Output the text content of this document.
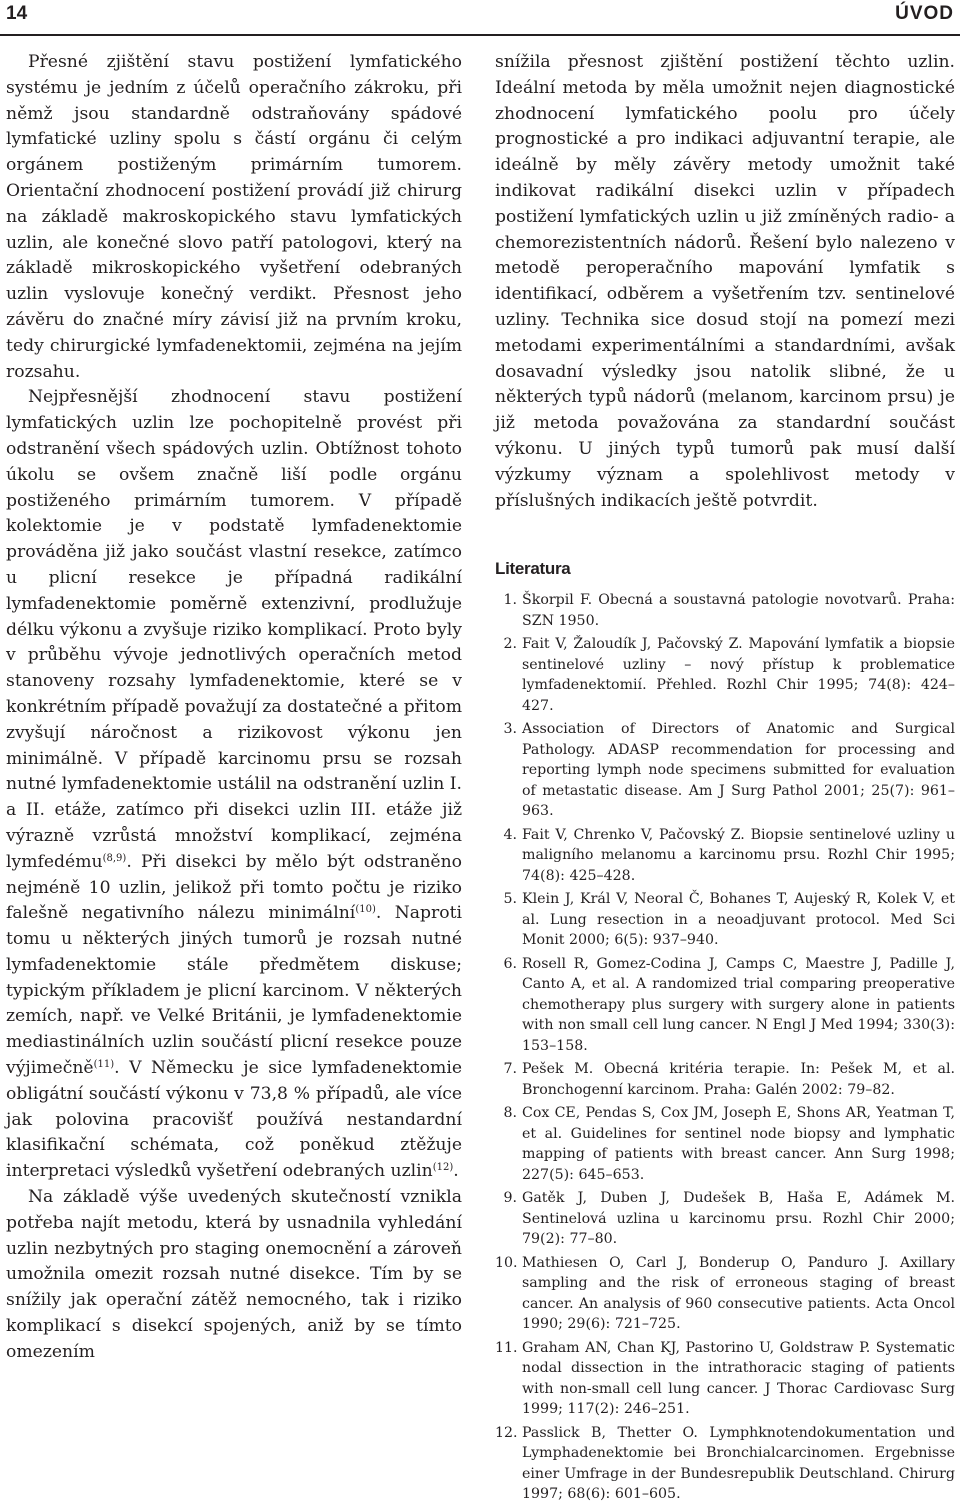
14	ÚVOD

Přesné zjištění stavu postižení lymfatického systému je jedním z účelů operačního zákroku, při němž jsou standardně odstraňovány spádové lymfatické uzliny spolu s částí orgánu či celým orgánem postiženým primárním tumorem. Orientační zhodnocení postižení provádí již chirurg na základě makroskopického stavu lymfatických uzlin, ale konečné slovo patří patologovi, který na základě mikroskopického vyšetření odebraných uzlin vyslovuje konečný verdikt. Přesnost jeho závěru do značné míry závisí již na prvním kroku, tedy chirurgické lymfadenektomii, zejména na jejím rozsahu.

Nejpřesnější zhodnocení stavu postižení lymfatických uzlin lze pochopitelně provést při odstranění všech spádových uzlin. Obtížnost tohoto úkolu se ovšem značně liší podle orgánu postiženého primárním tumorem. V případě kolektomie je v podstatě lymfadenektomie prováděna již jako součást vlastní resekce, zatímco u plicní resekce je případná radikální lymfadenektomie poměrně extenzivní, prodlužuje délku výkonu a zvyšuje riziko komplikací. Proto byly v průběhu vývoje jednotlivých operačních metod stanoveny rozsahy lymfadenektomie, které se v konkrétním případě považují za dostatečné a přitom zvyšují náročnost a rizikovost výkonu jen minimálně. V případě karcinomu prsu se rozsah nutné lymfadenektomie ustálil na odstranění uzlin I. a II. etáže, zatímco při disekci uzlin III. etáže již výrazně vzrůstá množství komplikací, zejména lymfedému$^{(8,9)}$. Při disekci by mělo být odstraněno nejméně 10 uzlin, jelikož při tomto počtu je riziko falešně negativního nálezu minimální$^{(10)}$. Naproti tomu u některých jiných tumorů je rozsah nutné lymfadenektomie stále předmětem diskuse; typickým příkladem je plicní karcinom. V některých zemích, např. ve Velké Británii, je lymfadenektomie mediastinálních uzlin součástí plicní resekce pouze výjimečně$^{(11)}$. V Německu je sice lymfadenektomie obligátní součástí výkonu v 73,8 % případů, ale více jak polovina pracovišť používá nestandardní klasifikační schémata, což poněkud ztěžuje interpretaci výsledků vyšetření odebraných uzlin$^{(12)}$.

Na základě výše uvedených skutečností vznikla potřeba najít metodu, která by usnadnila vyhledání uzlin nezbytných pro staging onemocnění a zároveň umožnila omezit rozsah nutné disekce. Tím by se snížily jak operační zátěž nemocného, tak i riziko komplikací s disekcí spojených, aniž by se tímto omezením

snížila přesnost zjištění postižení těchto uzlin. Ideální metoda by měla umožnit nejen diagnostické zhodnocení lymfatického poolu pro účely prognostické a pro indikaci adjuvantní terapie, ale ideálně by měly závěry metody umožnit také indikovat radikální disekci uzlin v případech postižení lymfatických uzlin u již zmíněných radio- a chemorezistentních nádorů. Řešení bylo nalezeno v metodě peroperačního mapování lymfatik s identifikací, odběrem a vyšetřením tzv. sentinelové uzliny. Technika sice dosud stojí na pomezí mezi metodami experimentálními a standardními, avšak dosavadní výsledky jsou natolik slibné, že u některých typů nádorů (melanom, karcinom prsu) je již metoda považována za standardní součást výkonu. U jiných typů tumorů pak musí další výzkumy význam a spolehlivost metody v příslušných indikacích ještě potvrdit.

Literatura
1. Škorpil F. Obecná a soustavná patologie novotvarů. Praha: SZN 1950.
2. Fait V, Žaloudík J, Pačovský Z. Mapování lymfatik a biopsie sentinelové uzliny – nový přístup k problematice lymfadenektomií. Přehled. Rozhl Chir 1995; 74(8): 424–427.
3. Association of Directors of Anatomic and Surgical Pathology. ADASP recommendation for processing and reporting lymph node specimens submitted for evaluation of metastatic disease. Am J Surg Pathol 2001; 25(7): 961–963.
4. Fait V, Chrenko V, Pačovský Z. Biopsie sentinelové uzliny u maligního melanomu a karcinomu prsu. Rozhl Chir 1995; 74(8): 425–428.
5. Klein J, Král V, Neoral Č, Bohanes T, Aujeský R, Kolek V, et al. Lung resection in a neoadjuvant protocol. Med Sci Monit 2000; 6(5): 937–940.
6. Rosell R, Gomez-Codina J, Camps C, Maestre J, Padille J, Canto A, et al. A randomized trial comparing preoperative chemotherapy plus surgery with surgery alone in patients with non small cell lung cancer. N Engl J Med 1994; 330(3): 153–158.
7. Pešek M. Obecná kritéria terapie. In: Pešek M, et al. Bronchogenní karcinom. Praha: Galén 2002: 79–82.
8. Cox CE, Pendas S, Cox JM, Joseph E, Shons AR, Yeatman T, et al. Guidelines for sentinel node biopsy and lymphatic mapping of patients with breast cancer. Ann Surg 1998; 227(5): 645–653.
9. Gatěk J, Duben J, Dudešek B, Haša E, Adámek M. Sentinelová uzlina u karcinomu prsu. Rozhl Chir 2000; 79(2): 77–80.
10. Mathiesen O, Carl J, Bonderup O, Panduro J. Axillary sampling and the risk of erroneous staging of breast cancer. An analysis of 960 consecutive patients. Acta Oncol 1990; 29(6): 721–725.
11. Graham AN, Chan KJ, Pastorino U, Goldstraw P. Systematic nodal dissection in the intrathoracic staging of patients with non-small cell lung cancer. J Thorac Cardiovasc Surg 1999; 117(2): 246–251.
12. Passlick B, Thetter O. Lymphknotendokumentation und Lymphadenektomie bei Bronchialcarcinomen. Ergebnisse einer Umfrage in der Bundesrepublik Deutschland. Chirurg 1997; 68(6): 601–605.
